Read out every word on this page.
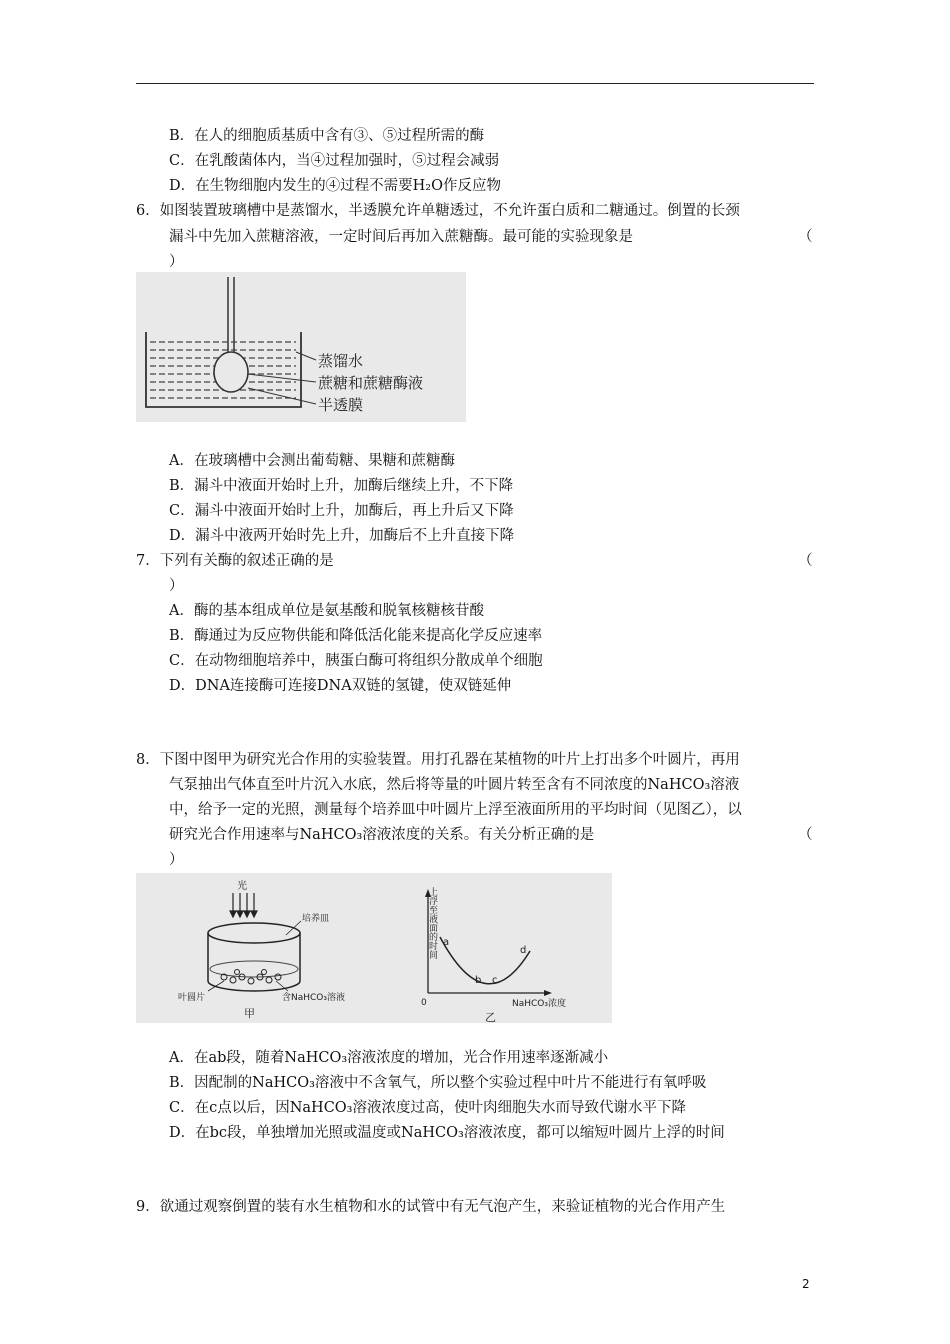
B．在人的细胞质基质中含有③、⑤过程所需的酶
C．在乳酸菌体内，当④过程加强时，⑤过程会减弱
D．在生物细胞内发生的④过程不需要H₂O作反应物
6．如图装置玻璃槽中是蒸馏水，半透膜允许单糖透过，不允许蛋白质和二糖通过。倒置的长颈
漏斗中先加入蔗糖溶液，一定时间后再加入蔗糖酶。最可能的实验现象是	（
）
蒸馏水
蔗糖和蔗糖酶液
半透膜
A．在玻璃槽中会测出葡萄糖、果糖和蔗糖酶
B．漏斗中液面开始时上升，加酶后继续上升，不下降
C．漏斗中液面开始时上升，加酶后，再上升后又下降
D．漏斗中液两开始时先上升，加酶后不上升直接下降
7．下列有关酶的叙述正确的是	（
）
A．酶的基本组成单位是氨基酸和脱氧核糖核苷酸
B．酶通过为反应物供能和降低活化能来提高化学反应速率
C．在动物细胞培养中，胰蛋白酶可将组织分散成单个细胞
D．DNA连接酶可连接DNA双链的氢键，使双链延伸
8．下图中图甲为研究光合作用的实验装置。用打孔器在某植物的叶片上打出多个叶圆片，再用
气泵抽出气体直至叶片沉入水底，然后将等量的叶圆片转至含有不同浓度的NaHCO₃溶液
中，给予一定的光照，测量每个培养皿中叶圆片上浮至液面所用的平均时间（见图乙），以
研究光合作用速率与NaHCO₃溶液浓度的关系。有关分析正确的是	（
）
光
培养皿
叶圆片	含NaHCO₃溶液
甲
上浮至液面的时间
NaHCO₃浓度
0
a
b c
d
乙
A．在ab段，随着NaHCO₃溶液浓度的增加，光合作用速率逐渐减小
B．因配制的NaHCO₃溶液中不含氧气，所以整个实验过程中叶片不能进行有氧呼吸
C．在c点以后，因NaHCO₃溶液浓度过高，使叶肉细胞失水而导致代谢水平下降
D．在bc段，单独增加光照或温度或NaHCO₃溶液浓度，都可以缩短叶圆片上浮的时间
9．欲通过观察倒置的装有水生植物和水的试管中有无气泡产生，来验证植物的光合作用产生
2
